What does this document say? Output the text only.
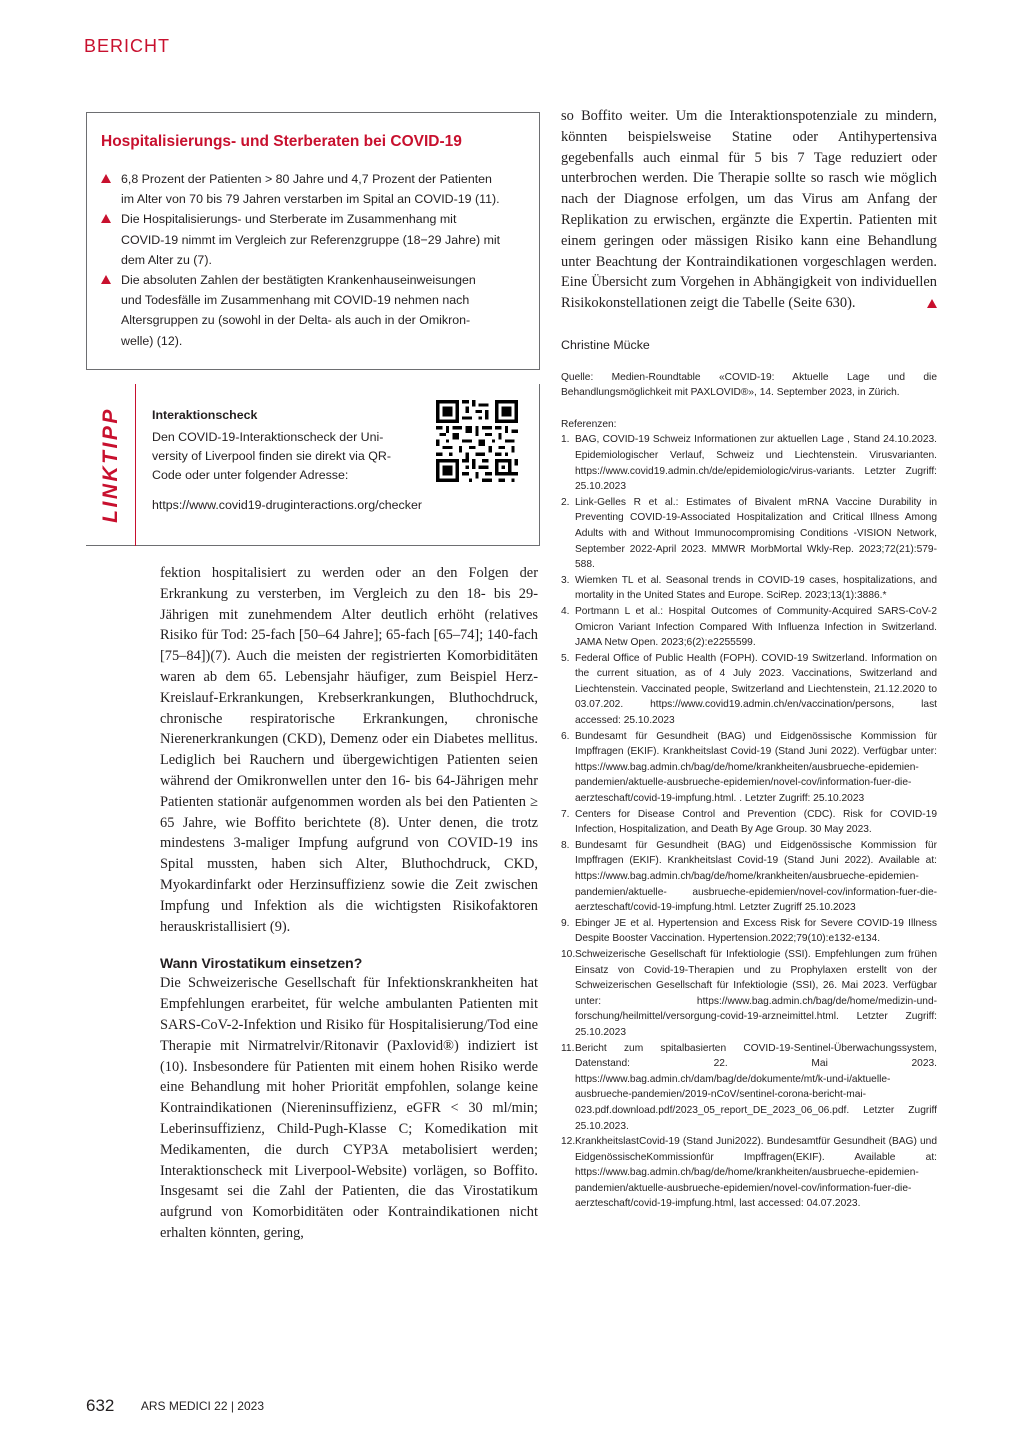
BERICHT
Hospitalisierungs- und Sterberaten bei COVID-19
6,8 Prozent der Patienten > 80 Jahre und 4,7 Prozent der Patienten
im Alter von 70 bis 79 Jahren verstarben im Spital an COVID-19 (11).
Die Hospitalisierungs- und Sterberate im Zusammenhang mit
COVID-19 nimmt im Vergleich zur Referenzgruppe (18−29 Jahre) mit
dem Alter zu (7).
Die absoluten Zahlen der bestätigten Krankenhauseinweisungen
und Todesfälle im Zusammenhang mit COVID-19 nehmen nach
Altersgruppen zu (sowohl in der Delta- als auch in der Omikron-
welle) (12).
LINKTIPP Interaktionscheck
Den COVID-19-Interaktionscheck der Uni-
versity of Liverpool finden sie direkt via QR-
Code oder unter folgender Adresse:
https://www.covid19-druginteractions.org/checker

fektion hospitalisiert zu werden oder an den Folgen der Erkrankung zu versterben, im Vergleich zu den 18- bis 29-Jährigen mit zunehmendem Alter deutlich erhöht (relatives Risiko für Tod: 25-fach [50–64 Jahre]; 65-fach [65–74]; 140-fach [75–84])(7). Auch die meisten der registrierten Komorbiditäten waren ab dem 65. Lebensjahr häufiger, zum Beispiel Herz-Kreislauf-Erkrankungen, Krebserkrankungen, Bluthochdruck, chronische respiratorische Erkrankungen, chronische Nierenerkrankungen (CKD), Demenz oder ein Diabetes mellitus. Lediglich bei Rauchern und übergewichtigen Patienten seien während der Omikronwellen unter den 16- bis 64-Jährigen mehr Patienten stationär aufgenommen worden als bei den Patienten ≥ 65 Jahre, wie Boffito berichtete (8). Unter denen, die trotz mindestens 3-maliger Impfung aufgrund von COVID-19 ins Spital mussten, haben sich Alter, Bluthochdruck, CKD, Myokardinfarkt oder Herzinsuffizienz sowie die Zeit zwischen Impfung und Infektion als die wichtigsten Risikofaktoren herauskristallisiert (9).

Wann Virostatikum einsetzen?

Die Schweizerische Gesellschaft für Infektionskrankheiten hat Empfehlungen erarbeitet, für welche ambulanten Patienten mit SARS-CoV-2-Infektion und Risiko für Hospitalisierung/Tod eine Therapie mit Nirmatrelvir/Ritonavir (Paxlovid®) indiziert ist (10). Insbesondere für Patienten mit einem hohen Risiko werde eine Behandlung mit hoher Priorität empfohlen, solange keine Kontraindikationen (Niereninsuffizienz, eGFR < 30 ml/min; Leberinsuffizienz, Child-Pugh-Klasse C; Komedikation mit Medikamenten, die durch CYP3A metabolisiert werden; Interaktionscheck mit Liverpool-Website) vorlägen, so Boffito. Insgesamt sei die Zahl der Patienten, die das Virostatikum aufgrund von Komorbiditäten oder Kontraindikationen nicht erhalten könnten, gering,

so Boffito weiter. Um die Interaktionspotenziale zu mindern, könnten beispielsweise Statine oder Antihypertensiva gegebenfalls auch einmal für 5 bis 7 Tage reduziert oder unterbrochen werden. Die Therapie sollte so rasch wie möglich nach der Diagnose erfolgen, um das Virus am Anfang der Replikation zu erwischen, ergänzte die Expertin. Patienten mit einem geringen oder mässigen Risiko kann eine Behandlung unter Beachtung der Kontraindikationen vorgeschlagen werden. Eine Übersicht zum Vorgehen in Abhängigkeit von individuellen Risikokonstellationen zeigt die Tabelle (Seite 630).

Christine Mücke
Quelle: Medien-Roundtable «COVID-19: Aktuelle Lage und die Behandlungsmöglichkeit mit PAXLOVID®», 14. September 2023, in Zürich.
Referenzen:
1. BAG, COVID-19 Schweiz Informationen zur aktuellen Lage , Stand 24.10.2023. Epidemiologischer Verlauf, Schweiz und Liechtenstein. Virusvarianten. https://www.covid19.admin.ch/de/epidemiologic/virus-variants. Letzter Zugriff: 25.10.2023
2. Link-Gelles R et al.: Estimates of Bivalent mRNA Vaccine Durability in Preventing COVID-19-Associated Hospitalization and Critical Illness Among Adults with and Without Immunocompromising Conditions -VISION Network, September 2022-April 2023. MMWR MorbMortal Wkly-Rep. 2023;72(21):579-588.
3. Wiemken TL et al. Seasonal trends in COVID-19 cases, hospitalizations, and mortality in the United States and Europe. SciRep. 2023;13(1):3886.*
4. Portmann L et al.: Hospital Outcomes of Community-Acquired SARS-CoV-2 Omicron Variant Infection Compared With Influenza Infection in Switzerland. JAMA Netw Open. 2023;6(2):e2255599.
5. Federal Office of Public Health (FOPH). COVID-19 Switzerland. Information on the current situation, as of 4 July 2023. Vaccinations, Switzerland and Liechtenstein. Vaccinated people, Switzerland and Liechtenstein, 21.12.2020 to 03.07.202. https://www.covid19.admin.ch/en/vaccination/persons, last accessed: 25.10.2023
6. Bundesamt für Gesundheit (BAG) und Eidgenössische Kommission für Impffragen (EKIF). Krankheitslast Covid-19 (Stand Juni 2022). Verfügbar unter: https://www.bag.admin.ch/bag/de/home/krankheiten/ausbrueche-epidemien-pandemien/aktuelle-ausbrueche-epidemien/novel-cov/information-fuer-die-aerzteschaft/covid-19-impfung.html. . Letzter Zugriff: 25.10.2023
7. Centers for Disease Control and Prevention (CDC). Risk for COVID-19 Infection, Hospitalization, and Death By Age Group. 30 May 2023.
8. Bundesamt für Gesundheit (BAG) und Eidgenössische Kommission für Impffragen (EKIF). Krankheitslast Covid-19 (Stand Juni 2022). Available at: https://www.bag.admin.ch/bag/de/home/krankheiten/ausbrueche-epidemien-pandemien/aktuelle- ausbrueche-epidemien/novel-cov/information-fuer-die-aerzteschaft/covid-19-impfung.html. Letzter Zugriff 25.10.2023
9. Ebinger JE et al. Hypertension and Excess Risk for Severe COVID-19 Illness Despite Booster Vaccination. Hypertension.2022;79(10):e132-e134.
10. Schweizerische Gesellschaft für Infektiologie (SSI). Empfehlungen zum frühen Einsatz von Covid-19-Therapien und zu Prophylaxen erstellt von der Schweizerischen Gesellschaft für Infektiologie (SSI), 26. Mai 2023. Verfügbar unter: https://www.bag.admin.ch/bag/de/home/medizin-und-forschung/heilmittel/versorgung-covid-19-arzneimittel.html. Letzter Zugriff: 25.10.2023
11. Bericht zum spitalbasierten COVID-19-Sentinel-Überwachungssystem, Datenstand: 22. Mai 2023. https://www.bag.admin.ch/dam/bag/de/dokumente/mt/k-und-i/aktuelle-ausbrueche-pandemien/2019-nCoV/sentinel-corona-bericht-mai-023.pdf.download.pdf/2023_05_report_DE_2023_06_06.pdf. Letzter Zugriff 25.10.2023.
12. KrankheitslastCovid-19 (Stand Juni2022). Bundesamtfür Gesundheit (BAG) und EidgenössischeKommissionfür Impffragen(EKIF). Available at: https://www.bag.admin.ch/bag/de/home/krankheiten/ausbrueche-epidemien-pandemien/aktuelle-ausbrueche-epidemien/novel-cov/information-fuer-die-aerzteschaft/covid-19-impfung.html, last accessed: 04.07.2023.
632 ARS MEDICI 22 | 2023
